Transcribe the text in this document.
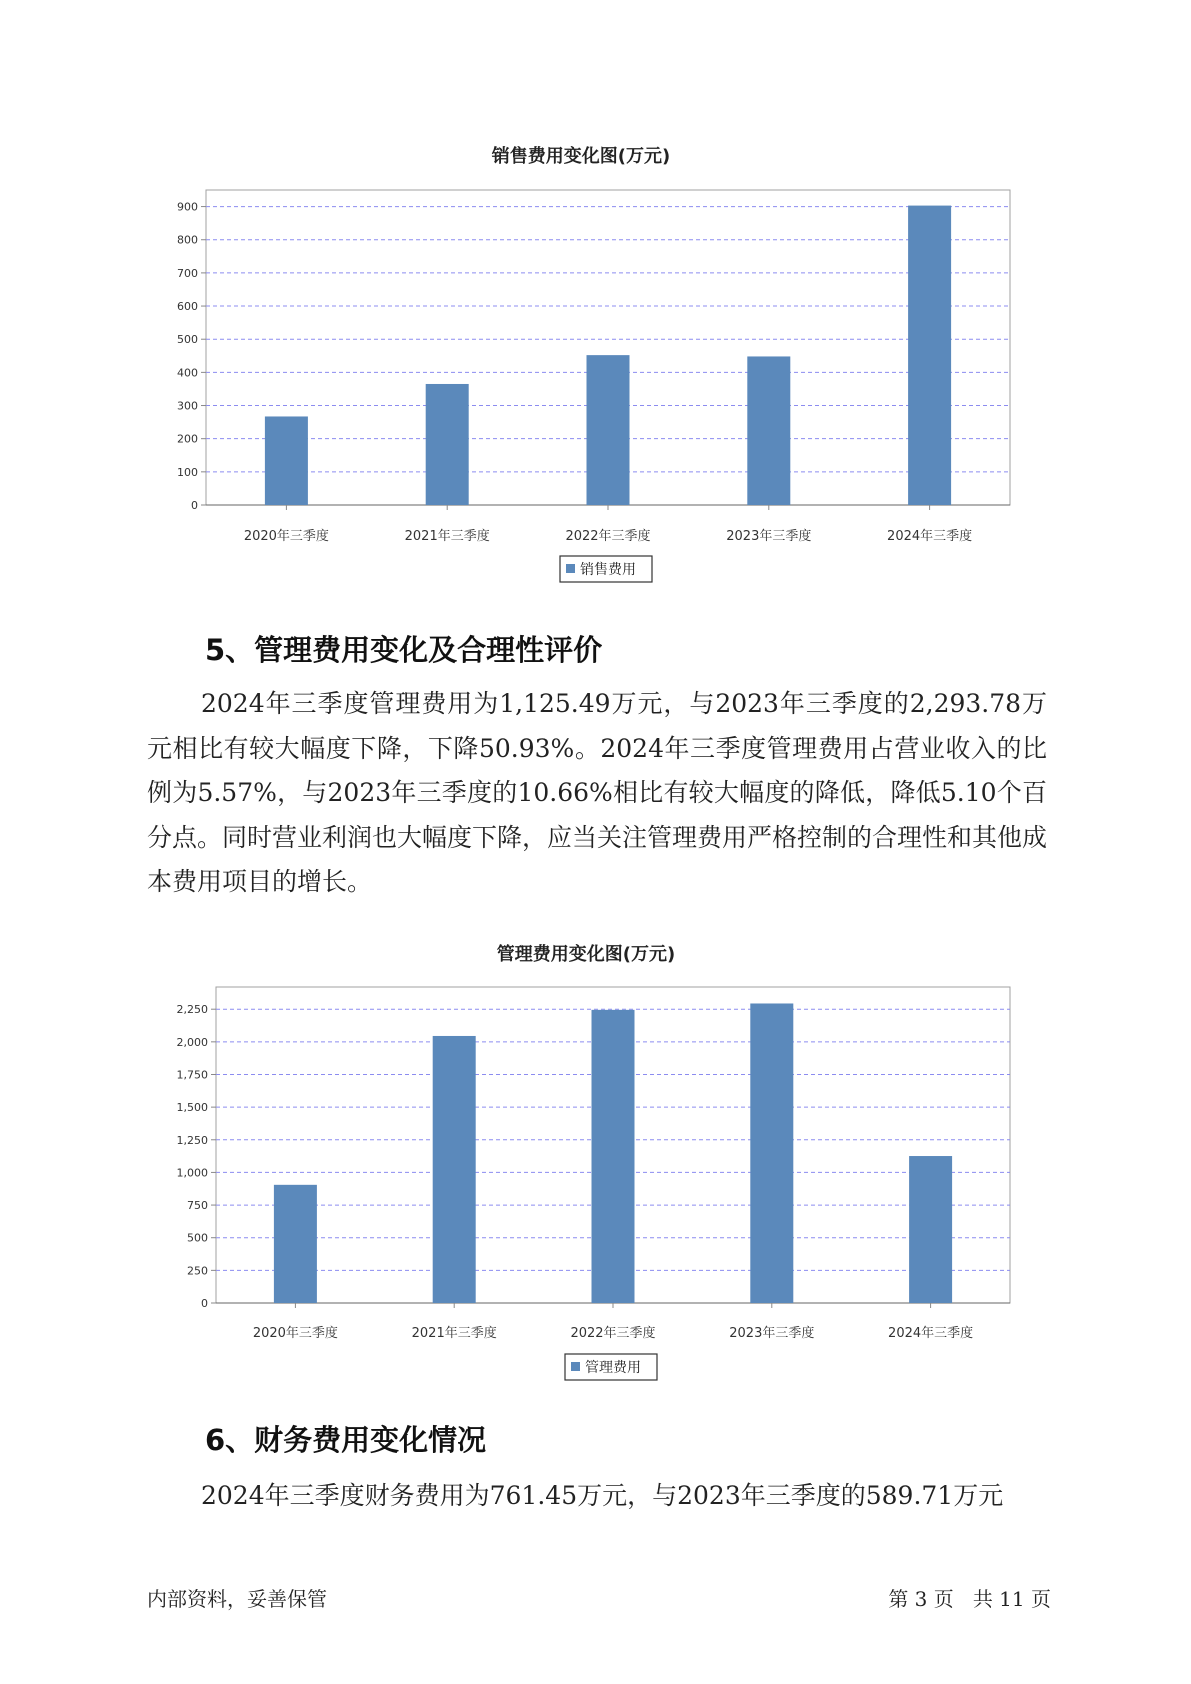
销售费用变化图(万元)
0
100
200
300
400
500
600
700
800
900
2020年三季度	2021年三季度	2022年三季度	2023年三季度	2024年三季度
销售费用
5、管理费用变化及合理性评价

2024年三季度管理费用为1,125.49万元，与2023年三季度的2,293.78万元相比有较大幅度下降，下降50.93%。2024年三季度管理费用占营业收入的比例为5.57%，与2023年三季度的10.66%相比有较大幅度的降低，降低5.10个百分点。同时营业利润也大幅度下降，应当关注管理费用严格控制的合理性和其他成本费用项目的增长。

管理费用变化图(万元)
0
250
500
750
1,000
1,250
1,500
1,750
2,000
2,250
2020年三季度	2021年三季度	2022年三季度	2023年三季度	2024年三季度
管理费用
6、财务费用变化情况

2024年三季度财务费用为761.45万元，与2023年三季度的589.71万元

内部资料，妥善保管	第 3 页   共 11 页
